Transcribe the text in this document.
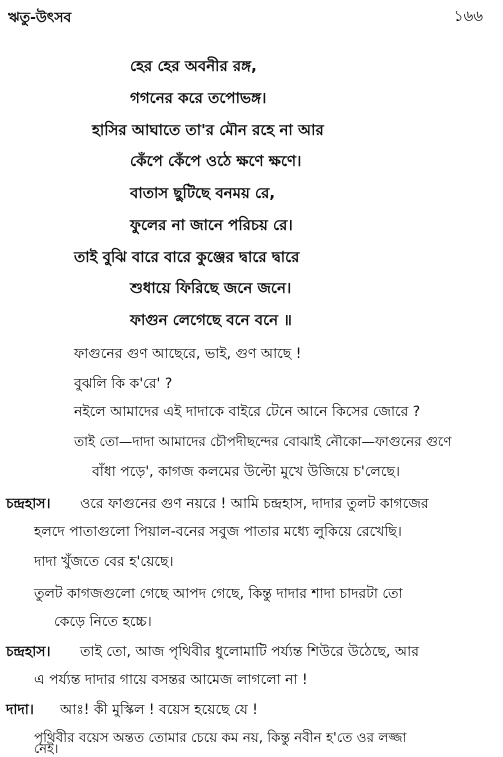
ঋতু-উৎসব	১৬৬
হের হের অবনীর রঙ্গ,
গগনের করে তপোভঙ্গ।
হাসির আঘাতে তা'র মৌন রহে না আর
কেঁপে কেঁপে ওঠে ক্ষণে ক্ষণে।
বাতাস ছুটিছে বনময় রে,
ফুলের না জানে পরিচয় রে।
তাই বুঝি বারে বারে কুঞ্জের দ্বারে দ্বারে
শুধায়ে ফিরিছে জনে জনে।
ফাগুন লেগেছে বনে বনে ॥
ফাগুনের গুণ আছেরে, ভাই, গুণ আছে !
বুঝলি কি ক'রে' ?
নইলে আমাদের এই দাদাকে বাইরে টেনে আনে কিসের জোরে ?
তাই তো—দাদা আমাদের চৌপদীছন্দের বোঝাই নৌকো—ফাগুনের গুণে
বাঁধা পড়ে', কাগজ কলমের উল্টো মুখে উজিয়ে চ'লেছে।
চন্দ্রহাস। ওরে ফাগুনের গুণ নয়রে ! আমি চন্দ্রহাস, দাদার তুলট কাগজের
হলদে পাতাগুলো পিয়াল-বনের সবুজ পাতার মধ্যে লুকিয়ে রেখেছি।
দাদা খুঁজতে বের হ'য়েছে।
তুলট কাগজগুলো গেছে আপদ গেছে, কিন্তু দাদার শাদা চাদরটা তো
কেড়ে নিতে হচ্চে।
চন্দ্রহাস। তাই তো, আজ পৃথিবীর ধুলোমাটি পর্য্যন্ত শিউরে উঠেছে, আর
এ পর্য্যন্ত দাদার গায়ে বসন্তর আমেজ লাগলো না !
দাদা। আঃ! কী মুস্কিল ! বয়েস হয়েছে যে !
পৃথিবীর বয়েস অন্তত তোমার চেয়ে কম নয়, কিন্তু নবীন হ'তে ওর লজ্জা
নেই।
